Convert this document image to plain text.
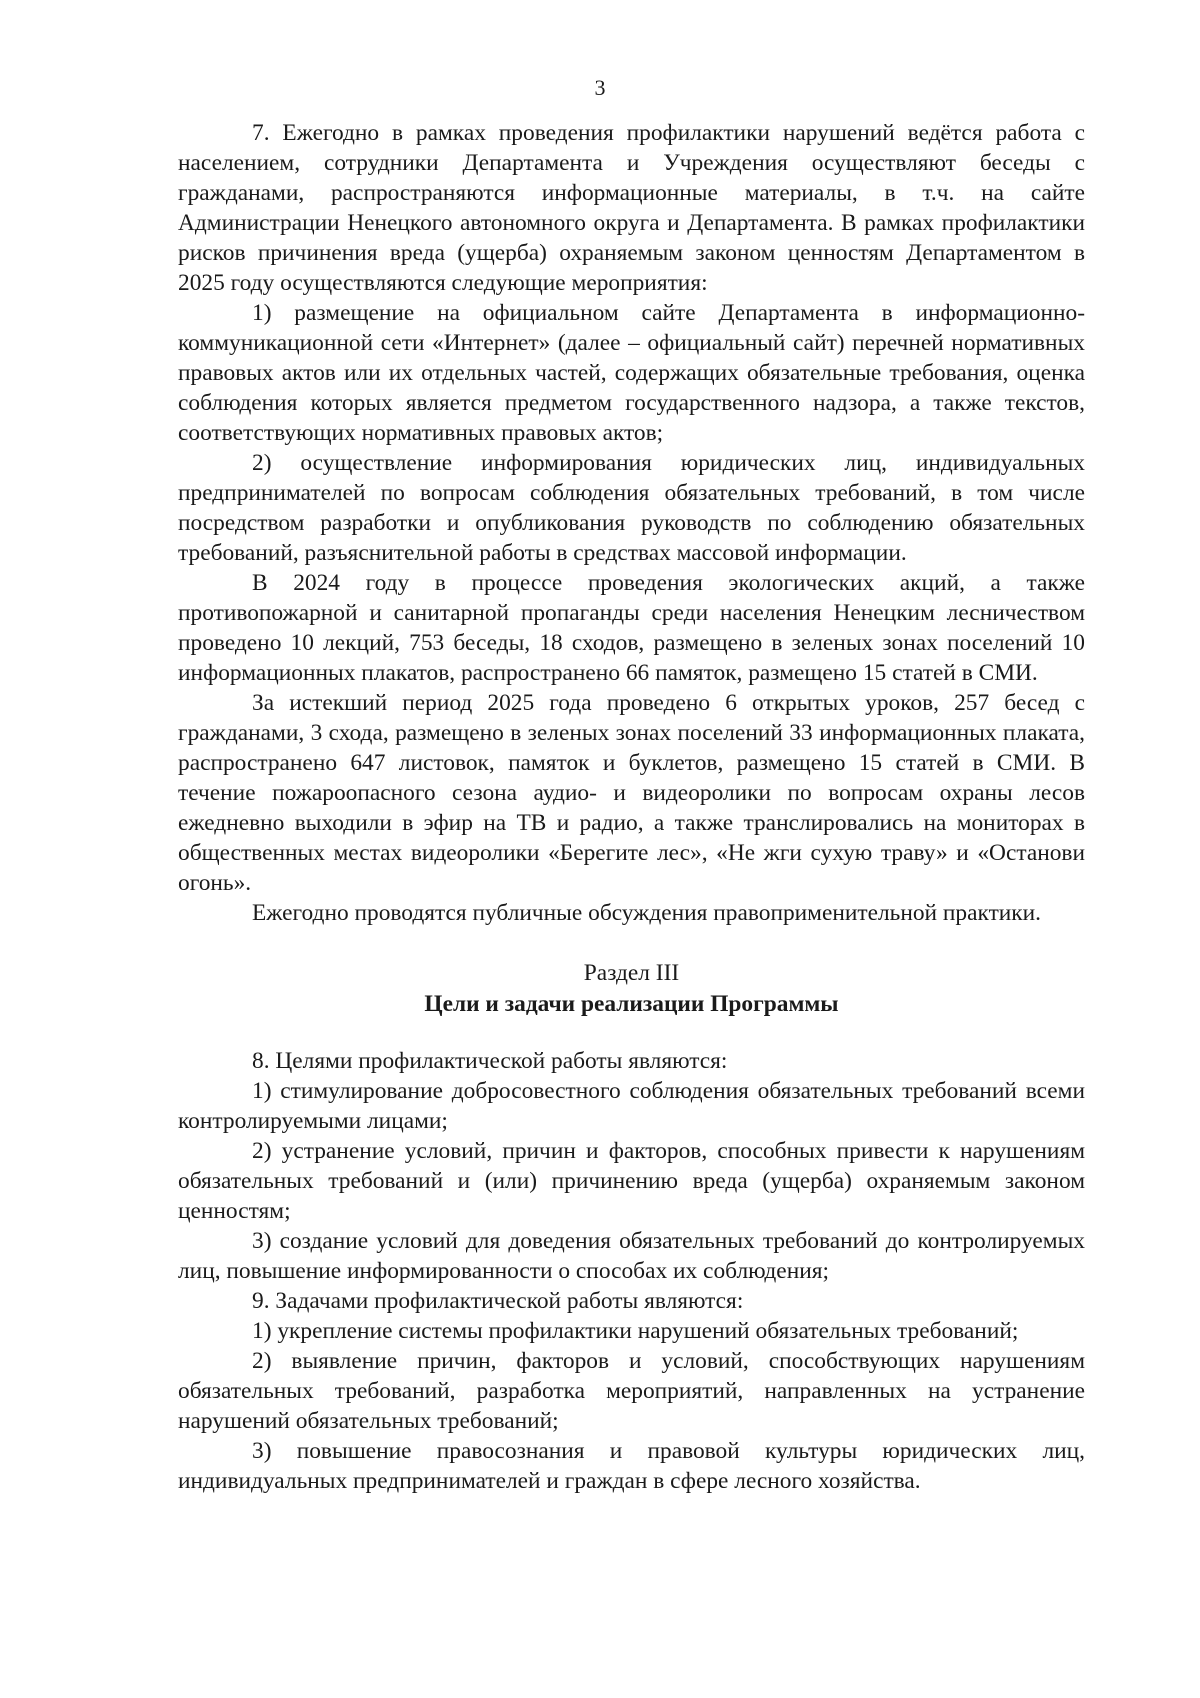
3

7. Ежегодно в рамках проведения профилактики нарушений ведётся работа с населением, сотрудники Департамента и Учреждения осуществляют беседы с гражданами, распространяются информационные материалы, в т.ч. на сайте Администрации Ненецкого автономного округа и Департамента. В рамках профилактики рисков причинения вреда (ущерба) охраняемым законом ценностям Департаментом в 2025 году осуществляются следующие мероприятия:

1) размещение на официальном сайте Департамента в информационно-коммуникационной сети «Интернет» (далее – официальный сайт) перечней нормативных правовых актов или их отдельных частей, содержащих обязательные требования, оценка соблюдения которых является предметом государственного надзора, а также текстов, соответствующих нормативных правовых актов;

2) осуществление информирования юридических лиц, индивидуальных предпринимателей по вопросам соблюдения обязательных требований, в том числе посредством разработки и опубликования руководств по соблюдению обязательных требований, разъяснительной работы в средствах массовой информации.

В 2024 году в процессе проведения экологических акций, а также противопожарной и санитарной пропаганды среди населения Ненецким лесничеством проведено 10 лекций, 753 беседы, 18 сходов, размещено в зеленых зонах поселений 10 информационных плакатов, распространено 66 памяток, размещено 15 статей в СМИ.

За истекший период 2025 года проведено 6 открытых уроков, 257 бесед с гражданами, 3 схода, размещено в зеленых зонах поселений 33 информационных плаката, распространено 647 листовок, памяток и буклетов, размещено 15 статей в СМИ. В течение пожароопасного сезона аудио- и видеоролики по вопросам охраны лесов ежедневно выходили в эфир на ТВ и радио, а также транслировались на мониторах в общественных местах видеоролики «Берегите лес», «Не жги сухую траву» и «Останови огонь».

Ежегодно проводятся публичные обсуждения правоприменительной практики.

Раздел III
Цели и задачи реализации Программы

8. Целями профилактической работы являются:

1) стимулирование добросовестного соблюдения обязательных требований всеми контролируемыми лицами;

2) устранение условий, причин и факторов, способных привести к нарушениям обязательных требований и (или) причинению вреда (ущерба) охраняемым законом ценностям;

3) создание условий для доведения обязательных требований до контролируемых лиц, повышение информированности о способах их соблюдения;

9. Задачами профилактической работы являются:

1) укрепление системы профилактики нарушений обязательных требований;

2) выявление причин, факторов и условий, способствующих нарушениям обязательных требований, разработка мероприятий, направленных на устранение нарушений обязательных требований;

3) повышение правосознания и правовой культуры юридических лиц, индивидуальных предпринимателей и граждан в сфере лесного хозяйства.
